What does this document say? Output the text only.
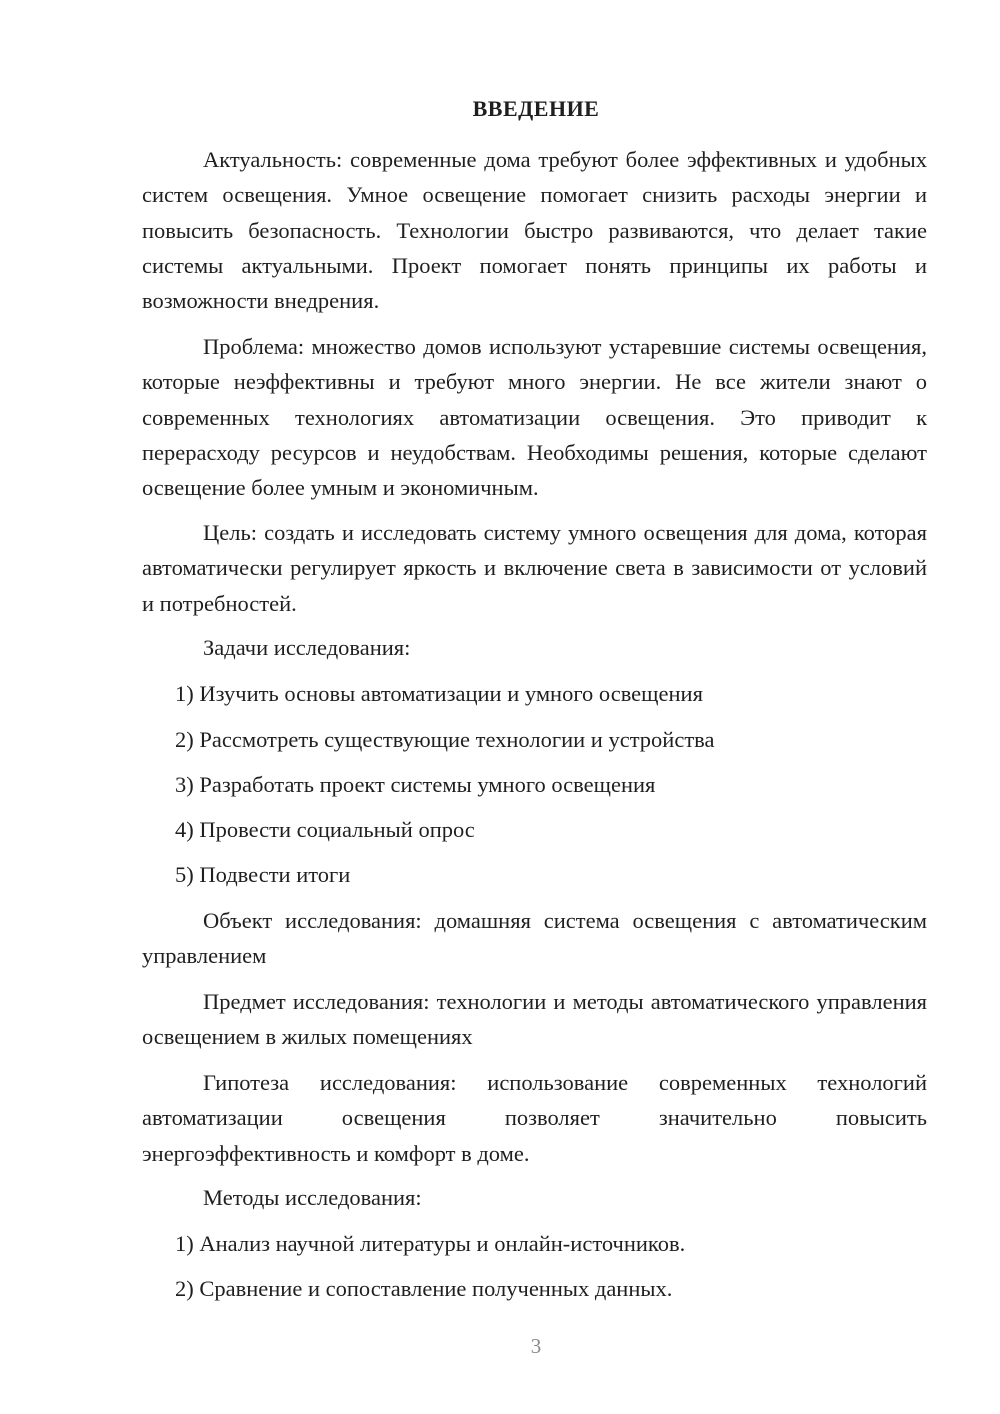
ВВЕДЕНИЕ
Актуальность: современные дома требуют более эффективных и удобных систем освещения. Умное освещение помогает снизить расходы энергии и повысить безопасность. Технологии быстро развиваются, что делает такие системы актуальными. Проект помогает понять принципы их работы и возможности внедрения.
Проблема: множество домов используют устаревшие системы освещения, которые неэффективны и требуют много энергии. Не все жители знают о современных технологиях автоматизации освещения. Это приводит к перерасходу ресурсов и неудобствам. Необходимы решения, которые сделают освещение более умным и экономичным.
Цель: создать и исследовать систему умного освещения для дома, которая автоматически регулирует яркость и включение света в зависимости от условий и потребностей.
Задачи исследования:
1) Изучить основы автоматизации и умного освещения
2) Рассмотреть существующие технологии и устройства
3) Разработать проект системы умного освещения
4) Провести социальный опрос
5) Подвести итоги
Объект исследования: домашняя система освещения с автоматическим управлением
Предмет исследования: технологии и методы автоматического управления освещением в жилых помещениях
Гипотеза исследования: использование современных технологий автоматизации освещения позволяет значительно повысить энергоэффективность и комфорт в доме.
Методы исследования:
1) Анализ научной литературы и онлайн-источников.
2) Сравнение и сопоставление полученных данных.
3
